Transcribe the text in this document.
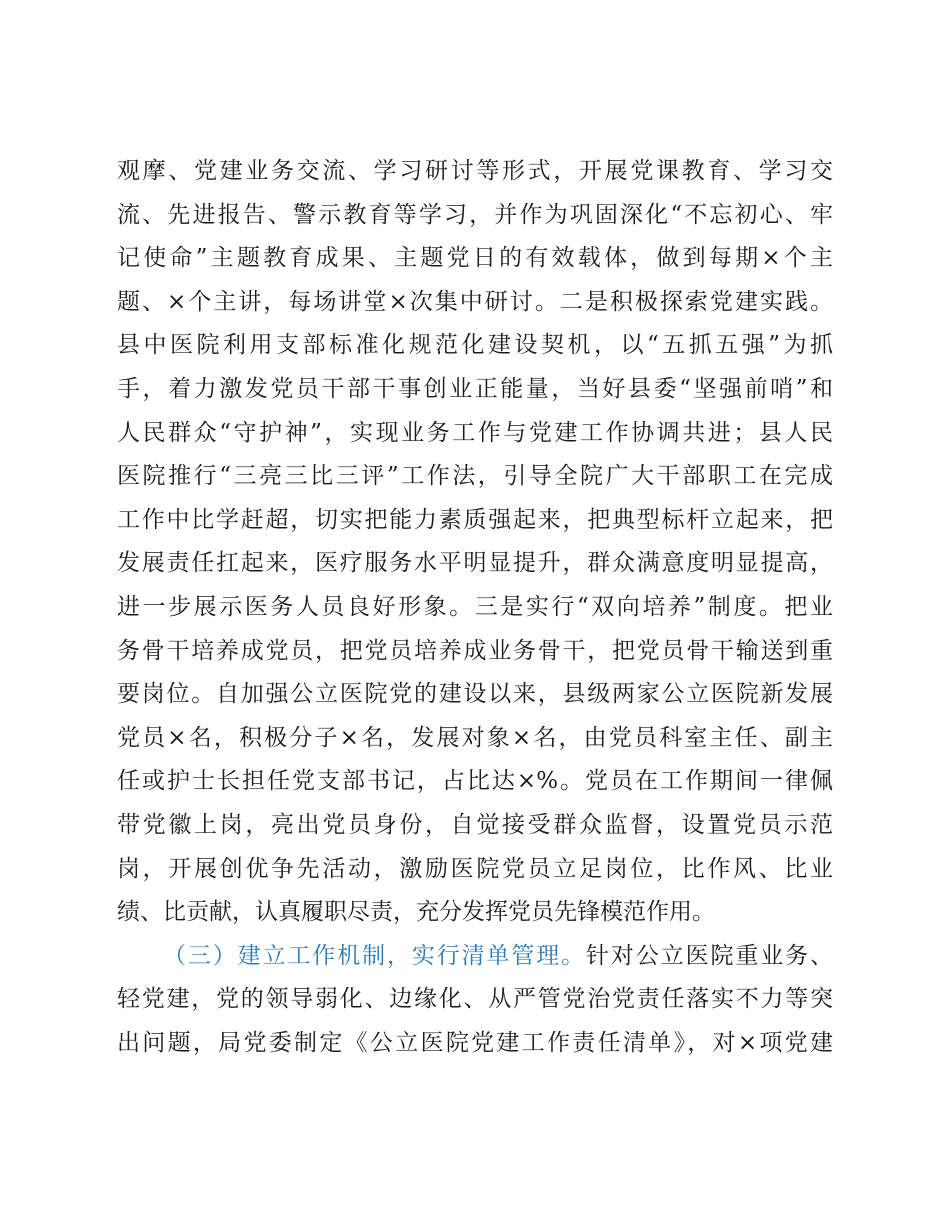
观摩、党建业务交流、学习研讨等形式，开展党课教育、学习交
流、先进报告、警示教育等学习，并作为巩固深化“不忘初心、牢
记使命”主题教育成果、主题党日的有效载体，做到每期×个主
题、×个主讲，每场讲堂×次集中研讨。二是积极探索党建实践。
县中医院利用支部标准化规范化建设契机，以“五抓五强”为抓
手，着力激发党员干部干事创业正能量，当好县委“坚强前哨”和
人民群众“守护神”，实现业务工作与党建工作协调共进；县人民
医院推行“三亮三比三评”工作法，引导全院广大干部职工在完成
工作中比学赶超，切实把能力素质强起来，把典型标杆立起来，把
发展责任扛起来，医疗服务水平明显提升，群众满意度明显提高，
进一步展示医务人员良好形象。三是实行“双向培养”制度。把业
务骨干培养成党员，把党员培养成业务骨干，把党员骨干输送到重
要岗位。自加强公立医院党的建设以来，县级两家公立医院新发展
党员×名，积极分子×名，发展对象×名，由党员科室主任、副主
任或护士长担任党支部书记，占比达×%。党员在工作期间一律佩
带党徽上岗，亮出党员身份，自觉接受群众监督，设置党员示范
岗，开展创优争先活动，激励医院党员立足岗位，比作风、比业
绩、比贡献，认真履职尽责，充分发挥党员先锋模范作用。
（三）建立工作机制，实行清单管理。针对公立医院重业务、
轻党建，党的领导弱化、边缘化、从严管党治党责任落实不力等突
出问题，局党委制定《公立医院党建工作责任清单》，对×项党建
